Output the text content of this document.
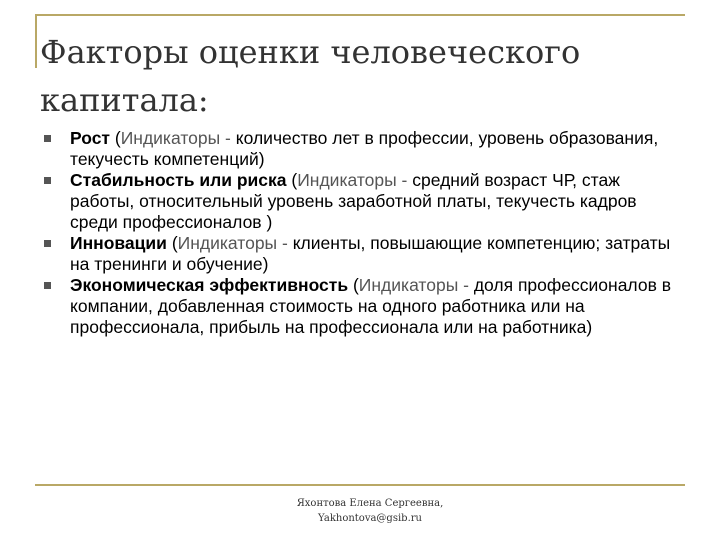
Факторы оценки человеческого
капитала:
Рост (Индикаторы - количество лет в профессии, уровень образования, текучесть компетенций)
Стабильность или риска (Индикаторы - средний возраст ЧР, стаж работы, относительный уровень заработной платы, текучесть кадров среди профессионалов )
Инновации (Индикаторы - клиенты, повышающие компетенцию; затраты на тренинги и обучение)
Экономическая эффективность (Индикаторы - доля профессионалов в компании, добавленная стоимость на одного работника или на профессионала, прибыль на профессионала или на работника)
Яхонтова Елена Сергеевна,
Yakhontova@gsib.ru
